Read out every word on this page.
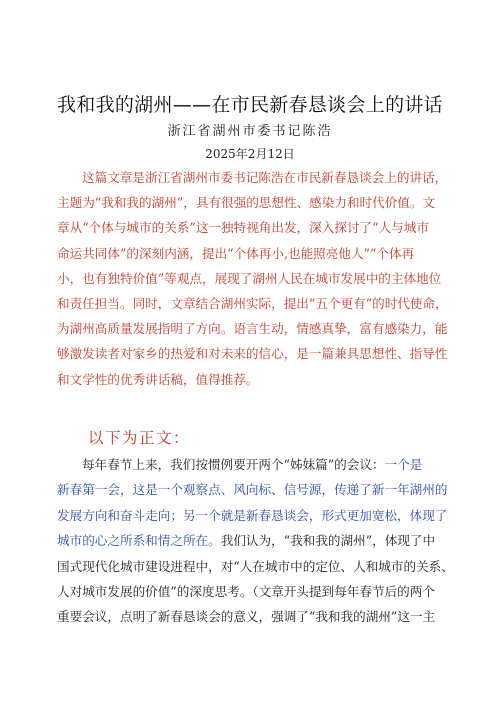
我和我的湖州——在市民新春恳谈会上的讲话
浙江省湖州市委书记陈浩
2025年2月12日
这篇文章是浙江省湖州市委书记陈浩在市民新春恳谈会上的讲话，
主题为“我和我的湖州”，具有很强的思想性、感染力和时代价值。文
章从“个体与城市的关系”这一独特视角出发，深入探讨了“人与城市
命运共同体”的深刻内涵，提出“个体再小,也能照亮他人”“个体再
小，也有独特价值”等观点，展现了湖州人民在城市发展中的主体地位
和责任担当。同时，文章结合湖州实际，提出“五个更有”的时代使命，
为湖州高质量发展指明了方向。语言生动，情感真挚，富有感染力，能
够激发读者对家乡的热爱和对未来的信心，是一篇兼具思想性、指导性
和文学性的优秀讲话稿，值得推荐。
以下为正文：
每年春节上来，我们按惯例要开两个“姊妹篇”的会议：一个是
新春第一会，这是一个观察点、风向标、信号源，传递了新一年湖州的
发展方向和奋斗走向；另一个就是新春恳谈会，形式更加宽松，体现了
城市的心之所系和情之所在。我们认为，“我和我的湖州”，体现了中
国式现代化城市建设进程中，对“人在城市中的定位、人和城市的关系、
人对城市发展的价值”的深度思考。（文章开头提到每年春节后的两个
重要会议，点明了新春恳谈会的意义，强调了“我和我的湖州”这一主
